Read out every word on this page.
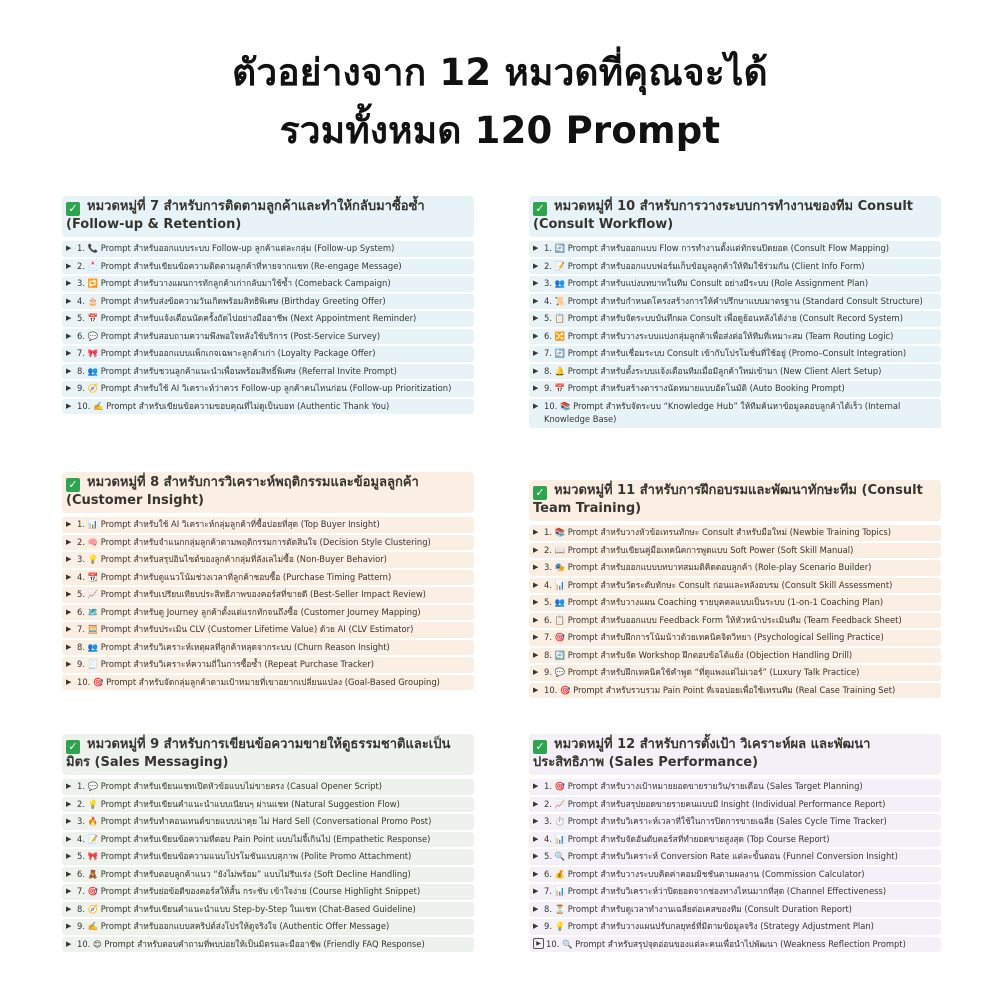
ตัวอย่างจาก 12 หมวดที่คุณจะได้
รวมทั้งหมด 120 Prompt
✓ หมวดหมู่ที่ 7 สำหรับการติดตามลูกค้าและทำให้กลับมาซื้อซ้ำ (Follow-up & Retention)
▶ 1. 📞 Prompt สำหรับออกแบบระบบ Follow-up ลูกค้าแต่ละกลุ่ม (Follow-up System)
▶ 2. 📩 Prompt สำหรับเขียนข้อความติดตามลูกค้าที่หายจากแชท (Re-engage Message)
▶ 3. 🔁 Prompt สำหรับวางแผนการทักลูกค้าเก่ากลับมาใช้ซ้ำ (Comeback Campaign)
▶ 4. 🎂 Prompt สำหรับส่งข้อความวันเกิดพร้อมสิทธิพิเศษ (Birthday Greeting Offer)
▶ 5. 📅 Prompt สำหรับแจ้งเตือนนัดครั้งถัดไปอย่างมืออาชีพ (Next Appointment Reminder)
▶ 6. 💬 Prompt สำหรับสอบถามความพึงพอใจหลังใช้บริการ (Post-Service Survey)
▶ 7. 🎀 Prompt สำหรับออกแบบแพ็กเกจเฉพาะลูกค้าเก่า (Loyalty Package Offer)
▶ 8. 👥 Prompt สำหรับชวนลูกค้าแนะนำเพื่อนพร้อมสิทธิ์พิเศษ (Referral Invite Prompt)
▶ 9. 🧭 Prompt สำหรับใช้ AI วิเคราะห์ว่าควร Follow-up ลูกค้าคนไหนก่อน (Follow-up Prioritization)
▶ 10. ✍️ Prompt สำหรับเขียนข้อความขอบคุณที่ไม่ดูเป็นบอท (Authentic Thank You)
✓ หมวดหมู่ที่ 8 สำหรับการวิเคราะห์พฤติกรรมและข้อมูลลูกค้า (Customer Insight)
▶ 1. 📊 Prompt สำหรับใช้ AI วิเคราะห์กลุ่มลูกค้าที่ซื้อบ่อยที่สุด (Top Buyer Insight)
▶ 2. 🧠 Prompt สำหรับจำแนกกลุ่มลูกค้าตามพฤติกรรมการตัดสินใจ (Decision Style Clustering)
▶ 3. 💡 Prompt สำหรับสรุปอินไซต์ของลูกค้ากลุ่มที่ลังเลไม่ซื้อ (Non-Buyer Behavior)
▶ 4. 📆 Prompt สำหรับดูแนวโน้มช่วงเวลาที่ลูกค้าชอบซื้อ (Purchase Timing Pattern)
▶ 5. 📈 Prompt สำหรับเปรียบเทียบประสิทธิภาพของคอร์สที่ขายดี (Best-Seller Impact Review)
▶ 6. 🗺️ Prompt สำหรับดู Journey ลูกค้าตั้งแต่แรกทักจนถึงซื้อ (Customer Journey Mapping)
▶ 7. 🧮 Prompt สำหรับประเมิน CLV (Customer Lifetime Value) ด้วย AI (CLV Estimator)
▶ 8. 👥 Prompt สำหรับวิเคราะห์เหตุผลที่ลูกค้าหลุดจากระบบ (Churn Reason Insight)
▶ 9. 🧾 Prompt สำหรับวิเคราะห์ความถี่ในการซื้อซ้ำ (Repeat Purchase Tracker)
▶ 10. 🎯 Prompt สำหรับจัดกลุ่มลูกค้าตามเป้าหมายที่เขาอยากเปลี่ยนแปลง (Goal-Based Grouping)
✓ หมวดหมู่ที่ 9 สำหรับการเขียนข้อความขายให้ดูธรรมชาติและเป็นมิตร (Sales Messaging)
▶ 1. 💬 Prompt สำหรับเขียนแชทเปิดหัวข้อแบบไม่ขายตรง (Casual Opener Script)
▶ 2. 💡 Prompt สำหรับเขียนคำแนะนำแบบเนียนๆ ผ่านแชท (Natural Suggestion Flow)
▶ 3. 🔥 Prompt สำหรับทำคอนเทนต์ขายแบบน่าคุย ไม่ Hard Sell (Conversational Promo Post)
▶ 4. 📝 Prompt สำหรับเขียนข้อความที่ตอบ Pain Point แบบไม่จี้เกินไป (Empathetic Response)
▶ 5. 🎀 Prompt สำหรับเขียนข้อความแนบโปรโมชันแบบสุภาพ (Polite Promo Attachment)
▶ 6. 🧸 Prompt สำหรับตอบลูกค้าแนว “ยังไม่พร้อม” แบบไม่รีบเร่ง (Soft Decline Handling)
▶ 7. 🎯 Prompt สำหรับย่อข้อดีของคอร์สให้สั้น กระชับ เข้าใจง่าย (Course Highlight Snippet)
▶ 8. 🧭 Prompt สำหรับเขียนคำแนะนำแบบ Step-by-Step ในแชท (Chat-Based Guideline)
▶ 9. ✍️ Prompt สำหรับออกแบบสคริปต์ส่งโปรให้ดูจริงใจ (Authentic Offer Message)
▶ 10. 😊 Prompt สำหรับตอบคำถามที่พบบ่อยให้เป็นมิตรและมืออาชีพ (Friendly FAQ Response)
✓ หมวดหมู่ที่ 10 สำหรับการวางระบบการทำงานของทีม Consult (Consult Workflow)
▶ 1. 🔄 Prompt สำหรับออกแบบ Flow การทำงานตั้งแต่ทักจนปิดยอด (Consult Flow Mapping)
▶ 2. 📝 Prompt สำหรับออกแบบฟอร์มเก็บข้อมูลลูกค้าให้ทีมใช้ร่วมกัน (Client Info Form)
▶ 3. 👥 Prompt สำหรับแบ่งบทบาทในทีม Consult อย่างมีระบบ (Role Assignment Plan)
▶ 4. 📜 Prompt สำหรับกำหนดโครงสร้างการให้คำปรึกษาแบบมาตรฐาน (Standard Consult Structure)
▶ 5. 📋 Prompt สำหรับจัดระบบบันทึกผล Consult เพื่อดูย้อนหลังได้ง่าย (Consult Record System)
▶ 6. 🔀 Prompt สำหรับวางระบบแบ่งกลุ่มลูกค้าเพื่อส่งต่อให้ทีมที่เหมาะสม (Team Routing Logic)
▶ 7. 🔄 Prompt สำหรับเชื่อมระบบ Consult เข้ากับโปรโมชั่นที่ใช้อยู่ (Promo–Consult Integration)
▶ 8. 🔔 Prompt สำหรับตั้งระบบแจ้งเตือนทีมเมื่อมีลูกค้าใหม่เข้ามา (New Client Alert Setup)
▶ 9. 📅 Prompt สำหรับสร้างตารางนัดหมายแบบอัตโนมัติ (Auto Booking Prompt)
▶ 10. 📚 Prompt สำหรับจัดระบบ “Knowledge Hub” ให้ทีมค้นหาข้อมูลตอบลูกค้าได้เร็ว (Internal Knowledge Base)
✓ หมวดหมู่ที่ 11 สำหรับการฝึกอบรมและพัฒนาทักษะทีม (Consult Team Training)
▶ 1. 📚 Prompt สำหรับวางหัวข้อเทรนทักษะ Consult สำหรับมือใหม่ (Newbie Training Topics)
▶ 2. 📖 Prompt สำหรับเขียนคู่มือเทคนิคการพูดแบบ Soft Power (Soft Skill Manual)
▶ 3. 🎭 Prompt สำหรับออกแบบบทบาทสมมติคิดตอบลูกค้า (Role-play Scenario Builder)
▶ 4. 📊 Prompt สำหรับวัดระดับทักษะ Consult ก่อนและหลังอบรม (Consult Skill Assessment)
▶ 5. 👥 Prompt สำหรับวางแผน Coaching รายบุคคลแบบเป็นระบบ (1-on-1 Coaching Plan)
▶ 6. 📋 Prompt สำหรับออกแบบ Feedback Form ให้หัวหน้าประเมินทีม (Team Feedback Sheet)
▶ 7. 🎯 Prompt สำหรับฝึกการโน้มน้าวด้วยเทคนิคจิตวิทยา (Psychological Selling Practice)
▶ 8. 🔄 Prompt สำหรับจัด Workshop ฝึกตอบข้อโต้แย้ง (Objection Handling Drill)
▶ 9. 💬 Prompt สำหรับฝึกเทคนิคใช้คำพูด “ที่ดูแพงแต่ไม่เวอร์” (Luxury Talk Practice)
▶ 10. 🎯 Prompt สำหรับรวบรวม Pain Point ที่เจอบ่อยเพื่อใช้เทรนทีม (Real Case Training Set)
✓ หมวดหมู่ที่ 12 สำหรับการตั้งเป้า วิเคราะห์ผล และพัฒนาประสิทธิภาพ (Sales Performance)
▶ 1. 🎯 Prompt สำหรับวางเป้าหมายยอดขายรายวัน/รายเดือน (Sales Target Planning)
▶ 2. 📈 Prompt สำหรับสรุปยอดขายรายคนแบบมี Insight (Individual Performance Report)
▶ 3. ⏱️ Prompt สำหรับวิเคราะห์เวลาที่ใช้ในการปิดการขายเฉลี่ย (Sales Cycle Time Tracker)
▶ 4. 📊 Prompt สำหรับจัดอันดับคอร์สที่ทำยอดขายสูงสุด (Top Course Report)
▶ 5. 🔍 Prompt สำหรับวิเคราะห์ Conversion Rate แต่ละขั้นตอน (Funnel Conversion Insight)
▶ 6. 💰 Prompt สำหรับวางระบบคิดค่าคอมมิชชันตามผลงาน (Commission Calculator)
▶ 7. 📊 Prompt สำหรับวิเคราะห์ว่าปิดยอดจากช่องทางไหนมากที่สุด (Channel Effectiveness)
▶ 8. ⏳ Prompt สำหรับดูเวลาทำงานเฉลี่ยต่อเคสของทีม (Consult Duration Report)
▶ 9. 💡 Prompt สำหรับวางแผนปรับกลยุทธ์ที่มีตามข้อมูลจริง (Strategy Adjustment Plan)
▶ 10. 🔍 Prompt สำหรับสรุปจุดอ่อนของแต่ละคนเพื่อนำไปพัฒนา (Weakness Reflection Prompt)
